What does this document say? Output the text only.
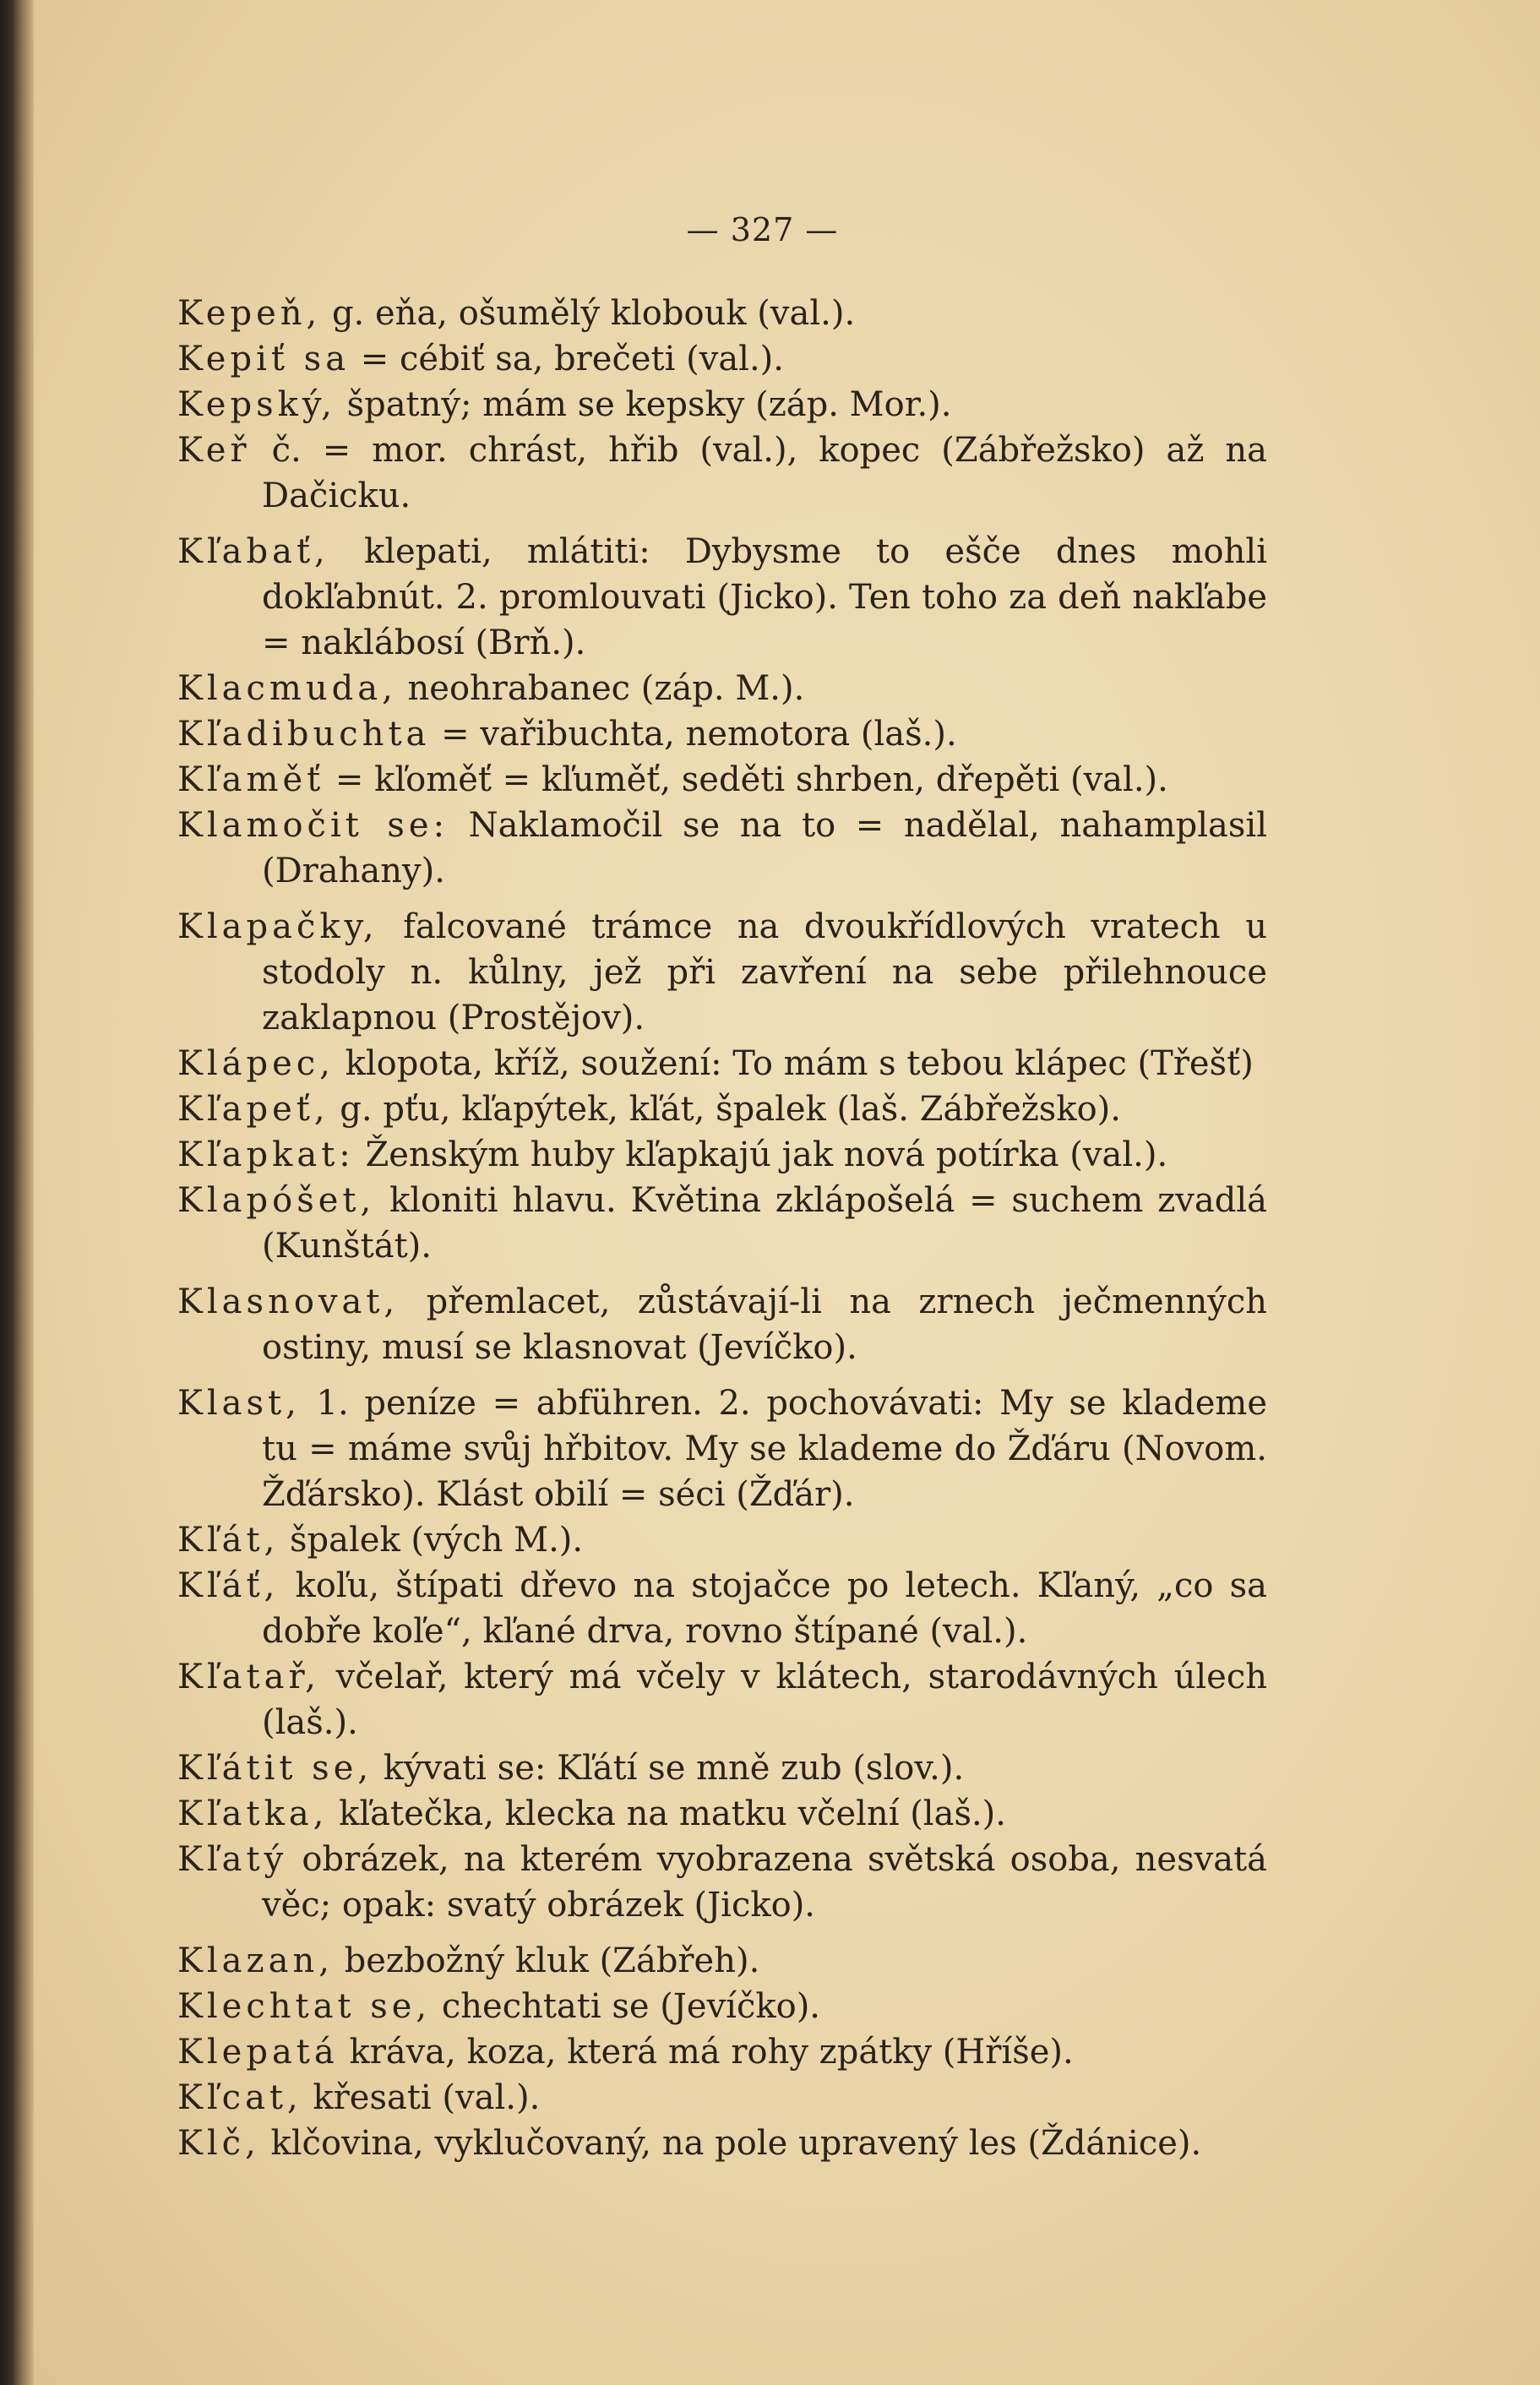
— 327 —
Kepeň, g. eňa, ošumělý klobouk (val.).
Kepiť sa = cébiť sa, brečeti (val.).
Kepský, špatný; mám se kepsky (záp. Mor.).
Keř č. = mor. chrást, hřib (val.), kopec (Zábřežsko) až na Dačicku.
Kľabať, klepati, mlátiti: Dybysme to ešče dnes mohli dokľabnút. 2. promlouvati (Jicko). Ten toho za deň nakľabe = naklábosí (Brň.).
Klacmuda, neohrabanec (záp. M.).
Kľadibuchta = vařibuchta, nemotora (laš.).
Kľaměť = kľoměť = kľuměť, seděti shrben, dřepěti (val.).
Klamočit se: Naklamočil se na to = nadělal, nahamplasil (Drahany).
Klapačky, falcované trámce na dvoukřídlových vratech u stodoly n. kůlny, jež při zavření na sebe přilehnouce zaklapnou (Prostějov).
Klápec, klopota, kříž, soužení: To mám s tebou klápec (Třešť)
Kľapeť, g. pťu, kľapýtek, kľát, špalek (laš. Zábřežsko).
Kľapkat: Ženským huby kľapkajú jak nová potírka (val.).
Klapóšet, kloniti hlavu. Květina zklápošelá = suchem zvadlá (Kunštát).
Klasnovat, přemlacet, zůstávají-li na zrnech ječmenných ostiny, musí se klasnovat (Jevíčko).
Klast, 1. peníze = abführen. 2. pochovávati: My se klademe tu = máme svůj hřbitov. My se klademe do Žďáru (Novom. Žďársko). Klást obilí = séci (Žďár).
Kľát, špalek (vých M.).
Kľáť, koľu, štípati dřevo na stojačce po letech. Kľaný, „co sa dobře koľe“, kľané drva, rovno štípané (val.).
Kľatař, včelař, který má včely v klátech, starodávných úlech (laš.).
Kľátit se, kývati se: Kľátí se mně zub (slov.).
Kľatka, kľatečka, klecka na matku včelní (laš.).
Kľatý obrázek, na kterém vyobrazena světská osoba, nesvatá věc; opak: svatý obrázek (Jicko).
Klazan, bezbožný kluk (Zábřeh).
Klechtat se, chechtati se (Jevíčko).
Klepatá kráva, koza, která má rohy zpátky (Hříše).
Kľcat, křesati (val.).
Klč, klčovina, vyklučovaný, na pole upravený les (Ždánice).
